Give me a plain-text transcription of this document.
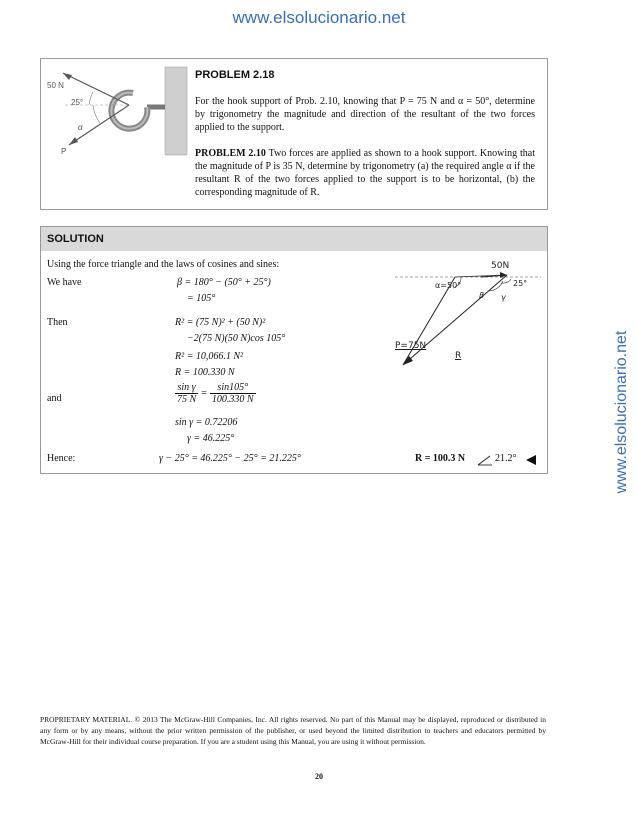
www.elsolucionario.net
www.elsolucionario.net
50 N
25°
α
P
PROBLEM 2.18
For the hook support of Prob. 2.10, knowing that P = 75 N and α = 50°, determine by trigonometry the magnitude and direction of the resultant of the two forces applied to the support.
PROBLEM 2.10 Two forces are applied as shown to a hook support. Knowing that the magnitude of P is 35 N, determine by trigonometry (a) the required angle α if the resultant R of the two forces applied to the support is to be horizontal, (b) the corresponding magnitude of R.
SOLUTION
Using the force triangle and the laws of cosines and sines:
We have	β = 180° − (50° + 25°)
= 105°
Then	R² = (75 N)² + (50 N)²
−2(75 N)(50 N)cos 105°
R² = 10,066.1 N²
R = 100.330 N
and	$\frac{\text{sin γ}}{75 N} = \frac{\sin 105^\circ}{100.330 N}$
sin γ = 0.72206
γ = 46.225°
Hence:	γ − 25° = 46.225° − 25° = 21.225°	R = 100.3 N	21.2°
50N
α=50°	25°
β γ
P=75N
R
PROPRIETARY MATERIAL. © 2013 The McGraw-Hill Companies, Inc. All rights reserved. No part of this Manual may be displayed, reproduced or distributed in any form or by any means, without the prior written permission of the publisher, or used beyond the limited distribution to teachers and educators permitted by McGraw-Hill for their individual course preparation. If you are a student using this Manual, you are using it without permission.
20
